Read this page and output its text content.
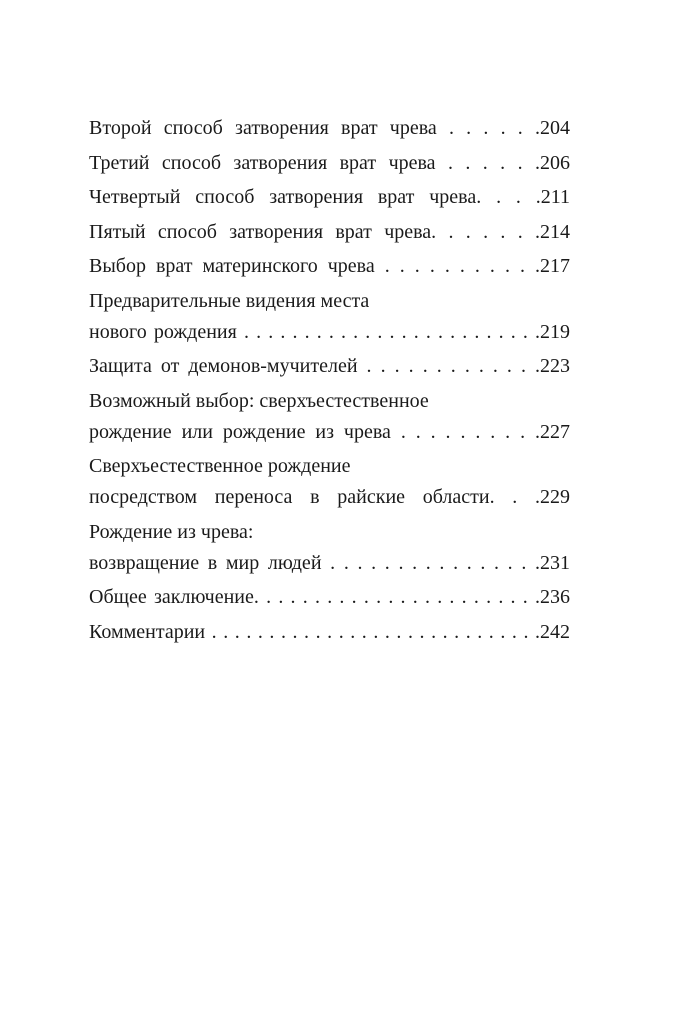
Второй способ затворения врат чрева . . . . . .204
Третий способ затворения врат чрева . . . . . .206
Четвертый способ затворения врат чрева. . . .211
Пятый способ затворения врат чрева. . . . . . .214
Выбор врат материнского чрева . . . . . . . . . . .217
Предварительные видения места
нового рождения . . . . . . . . . . . . . . . . . . . . . . . . .219
Защита от демонов-мучителей . . . . . . . . . . . . .223
Возможный выбор: сверхъестественное
рождение или рождение из чрева . . . . . . . . . .227
Сверхъестественное рождение
посредством переноса в райские области. . .229
Рождение из чрева:
возвращение в мир людей . . . . . . . . . . . . . . . .231
Общее заключение. . . . . . . . . . . . . . . . . . . . . . . .236
Комментарии . . . . . . . . . . . . . . . . . . . . . . . . . . . . .242
